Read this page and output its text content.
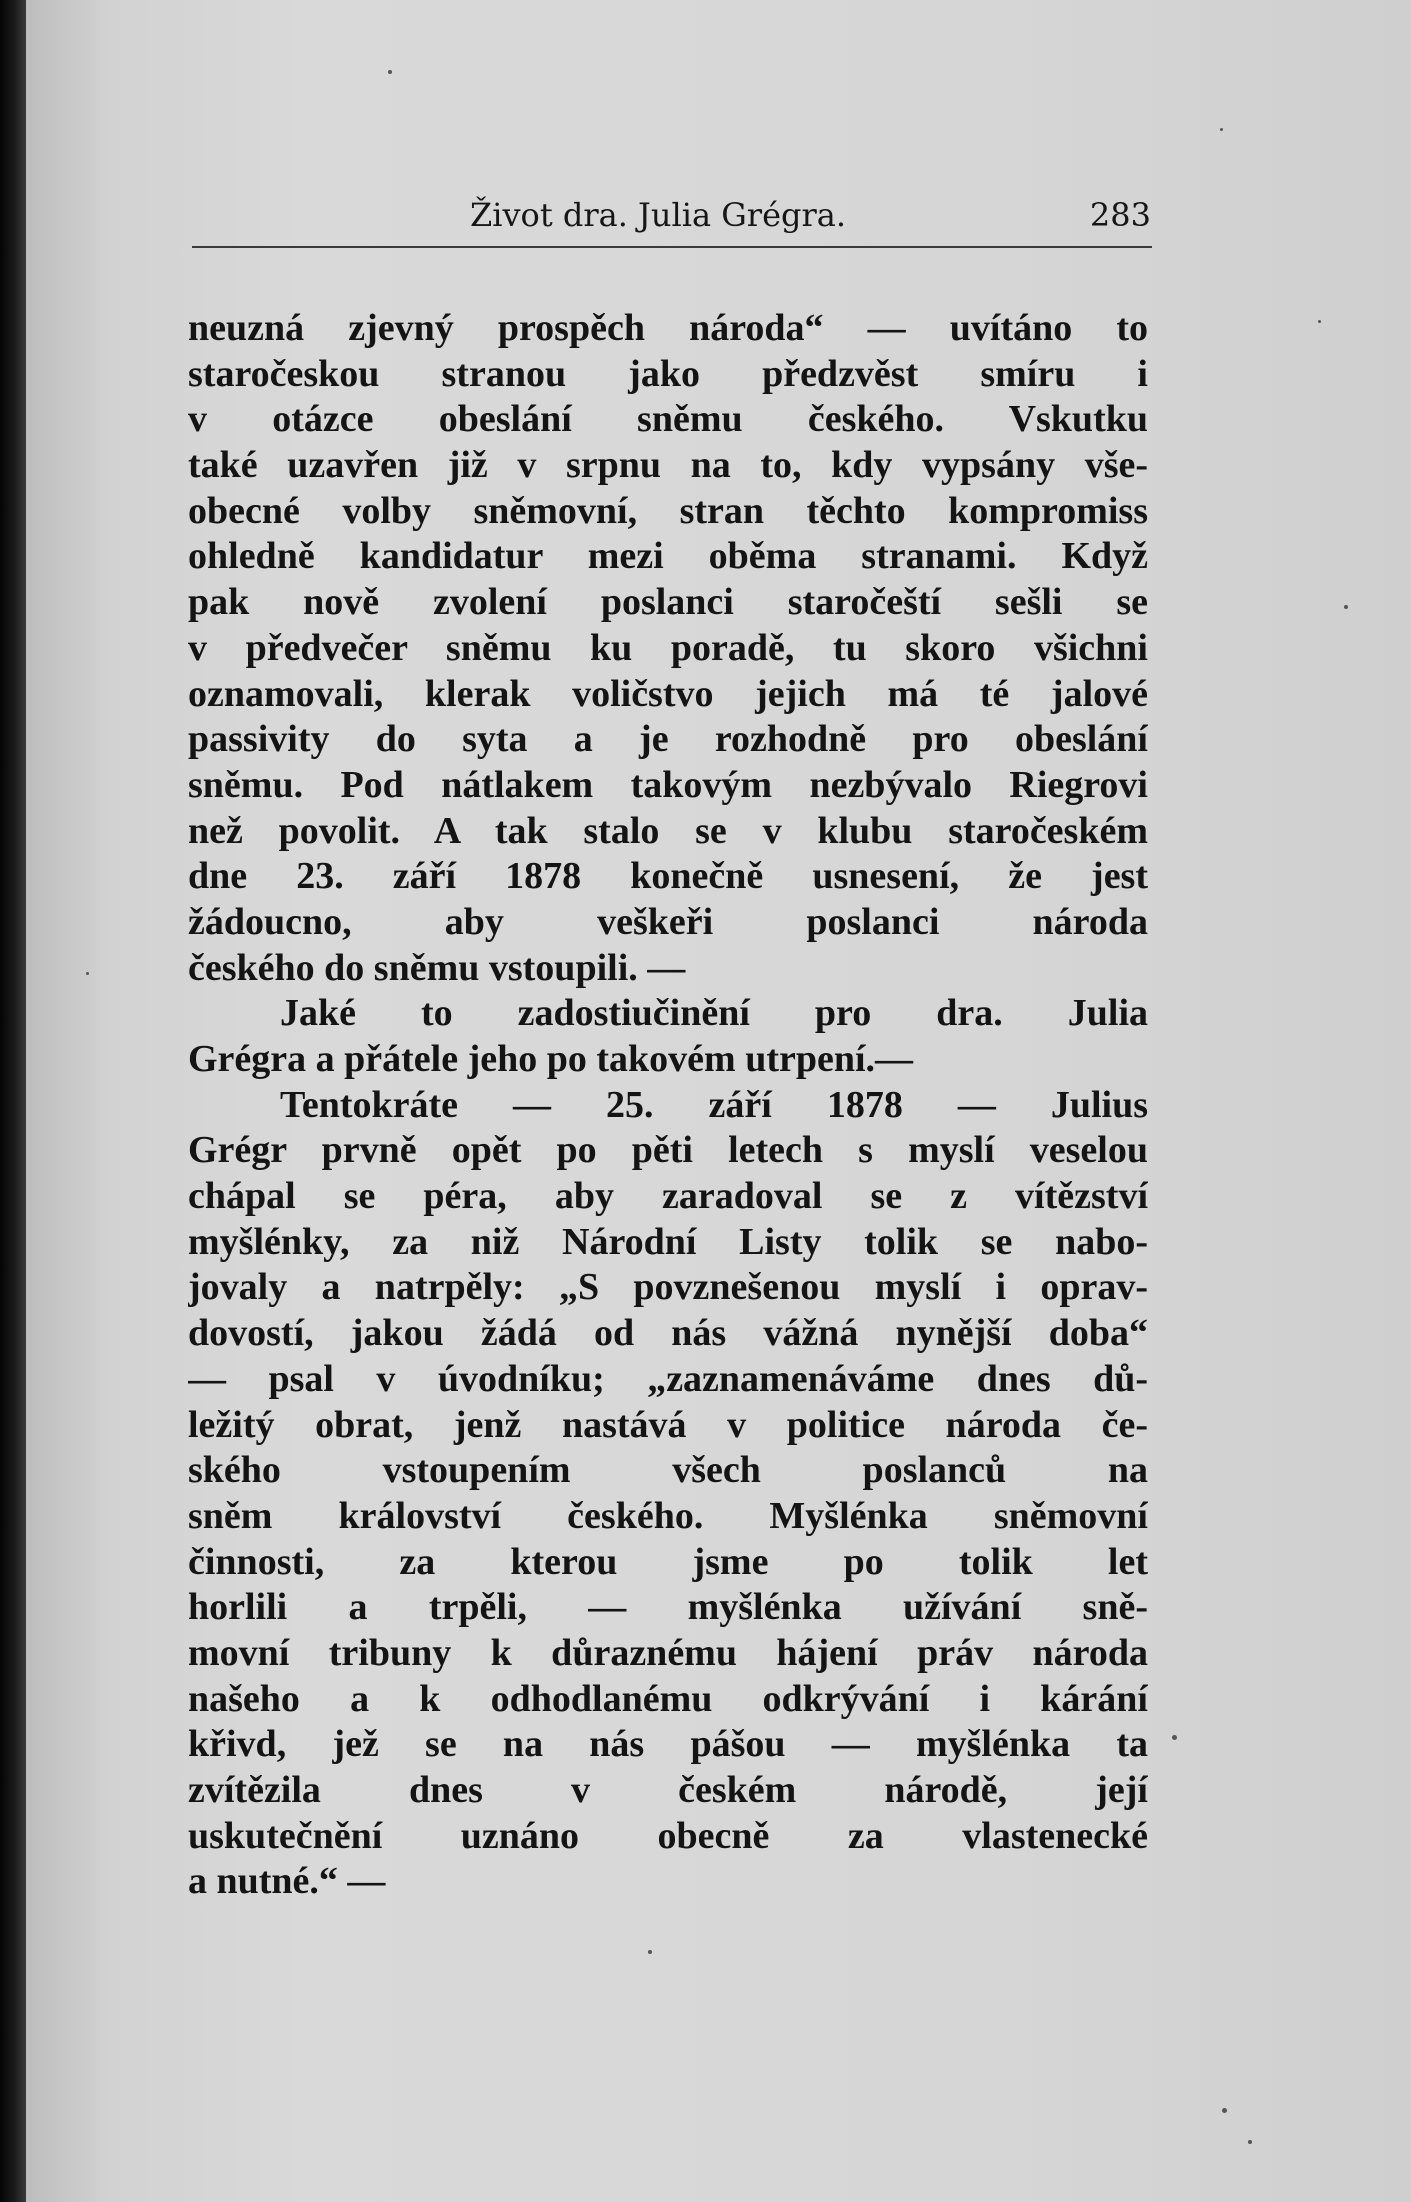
Život dra. Julia Grégra.	283
neuzná zjevný prospěch národa“ — uvítáno to
staročeskou stranou jako předzvěst smíru i
v otázce obeslání sněmu českého. Vskutku
také uzavřen již v srpnu na to, kdy vypsány vše-
obecné volby sněmovní, stran těchto kompromiss
ohledně kandidatur mezi oběma stranami. Když
pak nově zvolení poslanci staročeští sešli se
v předvečer sněmu ku poradě, tu skoro všichni
oznamovali, klerak voličstvo jejich má té jalové
passivity do syta a je rozhodně pro obeslání
sněmu. Pod nátlakem takovým nezbývalo Riegrovi
než povolit. A tak stalo se v klubu staročeském
dne 23. září 1878 konečně usnesení, že jest
žádoucno, aby veškeři poslanci národa
českého do sněmu vstoupili. —
Jaké to zadostiučinění pro dra. Julia
Grégra a přátele jeho po takovém utrpení.—
Tentokráte — 25. září 1878 — Julius
Grégr prvně opět po pěti letech s myslí veselou
chápal se péra, aby zaradoval se z vítězství
myšlénky, za niž Národní Listy tolik se nabo-
jovaly a natrpěly: „S povznešenou myslí i oprav-
dovostí, jakou žádá od nás vážná nynější doba“
— psal v úvodníku; „zaznamenáváme dnes dů-
ležitý obrat, jenž nastává v politice národa če-
ského vstoupením všech poslanců na
sněm království českého. Myšlénka sněmovní
činnosti, za kterou jsme po tolik let
horlili a trpěli, — myšlénka užívání sně-
movní tribuny k důraznému hájení práv národa
našeho a k odhodlanému odkrývání i kárání
křivd, jež se na nás pášou — myšlénka ta
zvítězila dnes v českém národě, její
uskutečnění uznáno obecně za vlastenecké
a nutné.“ —
